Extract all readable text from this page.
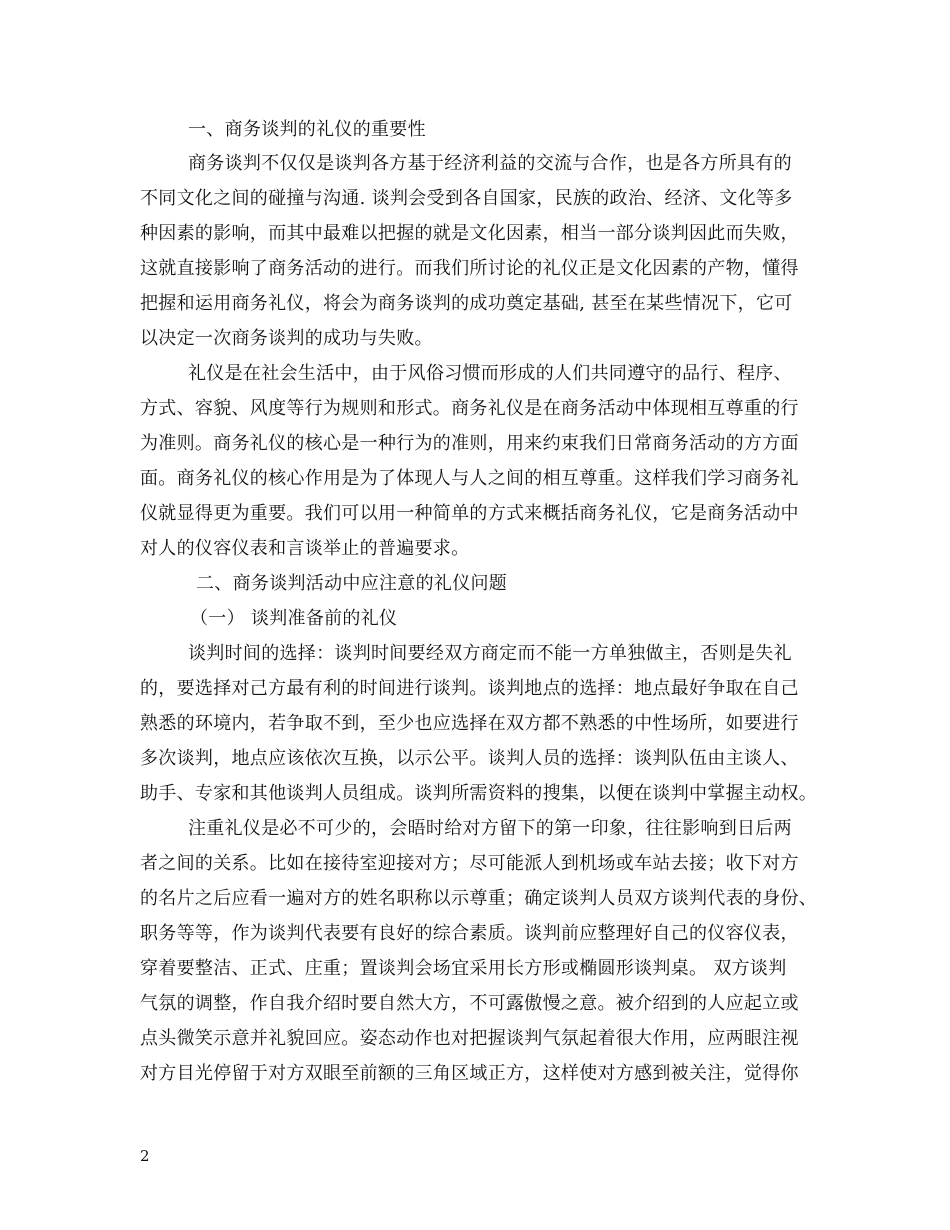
一、商务谈判的礼仪的重要性
商务谈判不仅仅是谈判各方基于经济利益的交流与合作，也是各方所具有的
不同文化之间的碰撞与沟通. 谈判会受到各自国家，民族的政治、经济、文化等多
种因素的影响，而其中最难以把握的就是文化因素，相当一部分谈判因此而失败，
这就直接影响了商务活动的进行。而我们所讨论的礼仪正是文化因素的产物，懂得
把握和运用商务礼仪，将会为商务谈判的成功奠定基础, 甚至在某些情况下，它可
以决定一次商务谈判的成功与失败。
礼仪是在社会生活中，由于风俗习惯而形成的人们共同遵守的品行、程序、
方式、容貌、风度等行为规则和形式。商务礼仪是在商务活动中体现相互尊重的行
为准则。商务礼仪的核心是一种行为的准则，用来约束我们日常商务活动的方方面
面。商务礼仪的核心作用是为了体现人与人之间的相互尊重。这样我们学习商务礼
仪就显得更为重要。我们可以用一种简单的方式来概括商务礼仪，它是商务活动中
对人的仪容仪表和言谈举止的普遍要求。
二、商务谈判活动中应注意的礼仪问题
（一） 谈判准备前的礼仪
谈判时间的选择：谈判时间要经双方商定而不能一方单独做主，否则是失礼
的，要选择对己方最有利的时间进行谈判。谈判地点的选择：地点最好争取在自己
熟悉的环境内，若争取不到，至少也应选择在双方都不熟悉的中性场所，如要进行
多次谈判，地点应该依次互换，以示公平。谈判人员的选择：谈判队伍由主谈人、
助手、专家和其他谈判人员组成。谈判所需资料的搜集，以便在谈判中掌握主动权。
注重礼仪是必不可少的，会晤时给对方留下的第一印象，往往影响到日后两
者之间的关系。比如在接待室迎接对方；尽可能派人到机场或车站去接；收下对方
的名片之后应看一遍对方的姓名职称以示尊重；确定谈判人员双方谈判代表的身份、
职务等等，作为谈判代表要有良好的综合素质。谈判前应整理好自己的仪容仪表，
穿着要整洁、正式、庄重；置谈判会场宜采用长方形或椭圆形谈判桌。 双方谈判
气氛的调整，作自我介绍时要自然大方，不可露傲慢之意。被介绍到的人应起立或
点头微笑示意并礼貌回应。姿态动作也对把握谈判气氛起着很大作用，应两眼注视
对方目光停留于对方双眼至前额的三角区域正方，这样使对方感到被关注，觉得你
2
